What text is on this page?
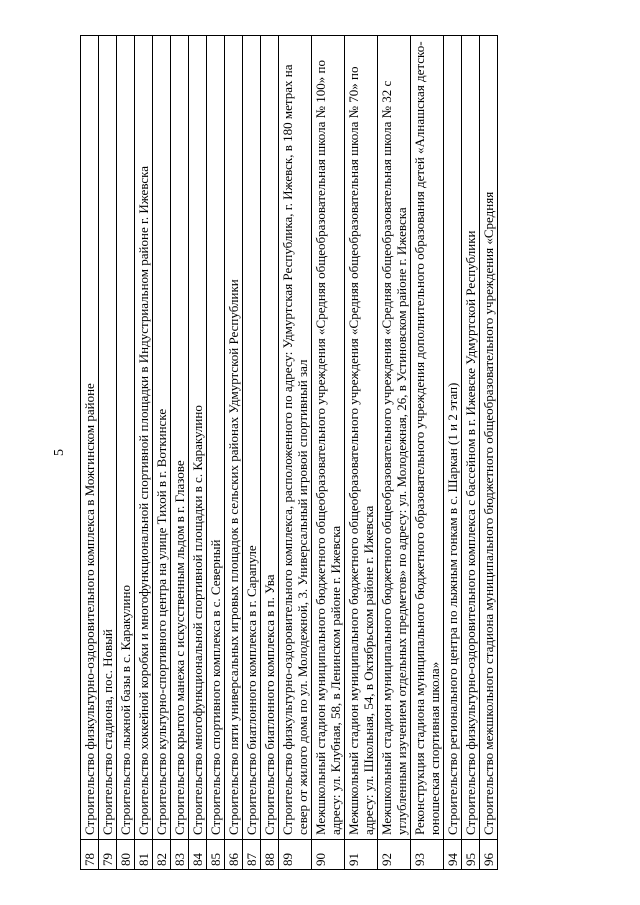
5
78	Строительство физкультурно-оздоровительного комплекса в Можгинском районе
79	Строительство стадиона, пос. Новый
80	Строительство лыжной базы в с. Каракулино
81	Строительство хоккейной коробки и многофункциональной спортивной площадки в Индустриальном районе г. Ижевска
82	Строительство культурно-спортивного центра на улице Тихой в г. Воткинске
83	Строительство крытого манежа с искусственным льдом в г. Глазове
84	Строительство многофункциональной спортивной площадки в с. Каракулино
85	Строительство спортивного комплекса в с. Северный
86	Строительство пяти универсальных игровых площадок в сельских районах Удмуртской Республики
87	Строительство биатлонного комплекса в г. Сарапуле
88	Строительство биатлонного комплекса в п. Ува
89	Строительство физкультурно-оздоровительного комплекса, расположенного по адресу: Удмуртская Республика, г. Ижевск, в 180 метрах на север от жилого дома по ул. Молодежной, 3. Универсальный игровой спортивный зал
90	Межшкольный стадион муниципального бюджетного общеобразовательного учреждения «Средняя общеобразовательная школа № 100» по адресу: ул. Клубная, 58, в Ленинском районе г. Ижевска
91	Межшкольный стадион муниципального бюджетного общеобразовательного учреждения «Средняя общеобразовательная школа № 70» по адресу: ул. Школьная, 54, в Октябрьском районе г. Ижевска
92	Межшкольный стадион муниципального бюджетного общеобразовательного учреждения «Средняя общеобразовательная школа № 32 с углубленным изучением отдельных предметов» по адресу: ул. Молодежная, 26, в Устиновском районе г. Ижевска
93	Реконструкция стадиона муниципального бюджетного образовательного учреждения дополнительного образования детей «Алнашская детско-юношеская спортивная школа»
94	Строительство регионального центра по лыжным гонкам в с. Шаркан (1 и 2 этап)
95	Строительство физкультурно-оздоровительного комплекса с бассейном в г. Ижевске Удмуртской Республики
96	Строительство межшкольного стадиона муниципального бюджетного общеобразовательного учреждения «Средняя
